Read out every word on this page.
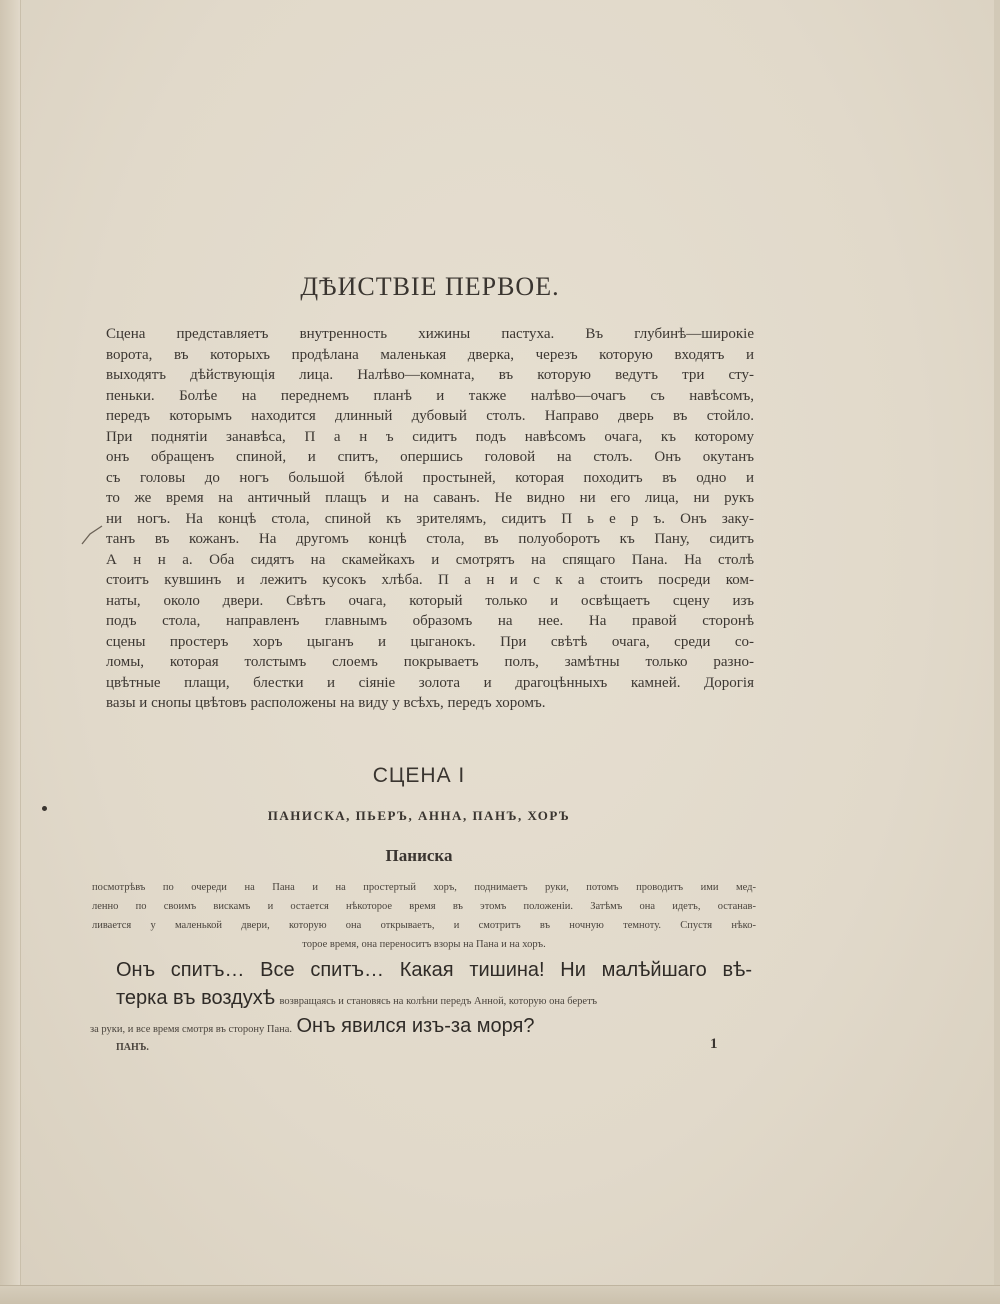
ДѢИСТВІЕ ПЕРВОЕ.
Сцена представляетъ внутренность хижины пастуха. Въ глубинѣ—широкіе
ворота, въ которыхъ продѣлана маленькая дверка, черезъ которую входятъ и
выходятъ дѣйствующія лица. Налѣво—комната, въ которую ведутъ три сту-
пеньки. Болѣе на переднемъ планѣ и также налѣво—очагъ съ навѣсомъ,
передъ которымъ находится длинный дубовый столъ. Направо дверь въ стойло.
При поднятіи занавѣса, П а н ъ сидитъ подъ навѣсомъ очага, къ которому
онъ обращенъ спиной, и спитъ, опершись головой на столъ. Онъ окутанъ
съ головы до ногъ большой бѣлой простыней, которая походитъ въ одно и
то же время на античный плащъ и на саванъ. Не видно ни его лица, ни рукъ
ни ногъ. На концѣ стола, спиной къ зрителямъ, сидитъ П ь е р ъ. Онъ заку-
танъ въ кожанъ. На другомъ концѣ стола, въ полуоборотъ къ Пану, сидитъ
А н н а. Оба сидятъ на скамейкахъ и смотрятъ на спящаго Пана. На столѣ
стоитъ кувшинъ и лежитъ кусокъ хлѣба. П а н и с к а стоитъ посреди ком-
наты, около двери. Свѣтъ очага, который только и освѣщаетъ сцену изъ
подъ стола, направленъ главнымъ образомъ на нее. На правой сторонѣ
сцены простеръ хоръ цыганъ и цыганокъ. При свѣтѣ очага, среди со-
ломы, которая толстымъ слоемъ покрываетъ полъ, замѣтны только разно-
цвѣтные плащи, блестки и сіяніе золота и драгоцѣнныхъ камней. Дорогія
вазы и снопы цвѣтовъ расположены на виду у всѣхъ, передъ хоромъ.
СЦЕНА I
ПАНИСКА, ПЬЕРЪ, АННА, ПАНЪ, ХОРЪ
Паниска
посмотрѣвъ по очереди на Пана и на простертый хоръ, поднимаетъ руки, потомъ проводитъ ими мед-
ленно по своимъ вискамъ и остается нѣкоторое время въ этомъ положеніи. Затѣмъ она идетъ, останав-
ливается у маленькой двери, которую она открываетъ, и смотритъ въ ночную темноту. Спустя нѣко-
торое время, она переноситъ взоры на Пана и на хоръ.
Онъ спитъ… Все спитъ… Какая тишина! Ни малѣйшаго вѣ-
терка въ воздухѣ возвращаясь и становясь на колѣни передъ Анной, которую она беретъ
за руки, и все время смотря въ сторону Пана. Онъ явился изъ-за моря?
ПАНЪ.	1
